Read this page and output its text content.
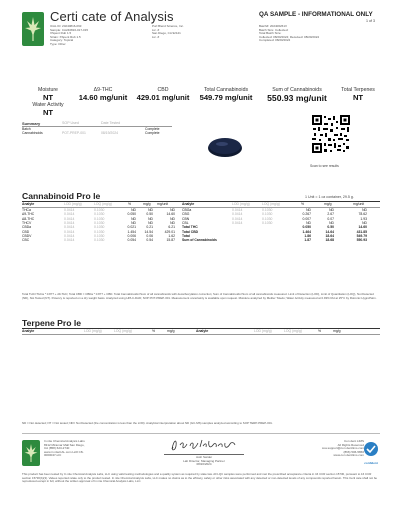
Certi cate of Analysis
ICAL ID: 20240816-093
Sample: CA240816-017-015
XSpent Rub 1.5
Strain: XSpent Rub 1.5
Category: Topical
Type: Other
Purl Blend Science, Inc.
Lic. #
San Diego, CA 92121
Lic. #
QA SAMPLE - INFORMATIONAL ONLY
1 of 3
Batch#: 202406261V
Batch Size: Collected:
Total Batch Size:
Collected: 08/20/2024; Received: 08/20/2024
Completed: 08/20/2024
Moisture
NT
Water Activity
NT
Δ9-THC
14.60 mg/unit
CBD
429.01 mg/unit
Total Cannabinoids
549.79 mg/unit
Sum of Cannabinoids
550.93 mg/unit
Total Terpenes
NT
Summary	SOP Used	Date Tested
Batch	Complete
Cannabinoids	POT-PREP-001	08/19/2024	Complete
Scan to see results
Cannabinoid Pro le	1 Unit = 1 oz container, 29.5 g.
Analyte	LOD (mg/g)	LOQ (mg/g)	%	mg/g mg/unit	Analyte	LOD (mg/g)	LOQ (mg/g)	%	mg/g	mg/unit
THCa	0.0414	0.1030	ND	ND	ND
Δ9-THC	0.0414	0.1030	0.050	0.50	14.60
Δ8-THC	0.0414	0.1030	ND	ND	ND
THCV	0.0414	0.1030	ND	ND	ND
CBDa	0.0414	0.1030	0.021	0.21	6.21
CBD	0.0414	0.1030	1.454	14.54	429.01
CBDV	0.0414	0.1030	0.006	0.06	1.62
CBC	0.0414	0.1030	0.054	0.54	15.87
CBGa	0.0414	0.1030	ND	ND	ND
CBG	0.0414	0.1030	0.267	2.67	78.62
CBN	0.0414	0.1030	0.007	0.07	1.93
CBL	0.0414	0.1030	ND	ND	ND
Total THC	0.050	0.50	14.60
Total CBD	1.464	14.64	431.85
Total	1.86	18.64	549.79
Sum of Cannabinoids	1.87	18.68	550.93
Total THC=THCa * 0.877 + d9-THC; Total CBD = CBDa * 0.877 + CBD. Total Cannabinoids=Sum of all cannabinoids with decarboxylation correction; Sum of Cannabinoids=Sum of all cannabinoids measured. Limit of Detection (LOD), Limit of Quantitation (LOQ), Not Detected (ND), Not Tested (NT). Potency is reported on a dry weight basis. Analyzed using HPLC-DAD; SOP POT-PREP-001. Measurement uncertainty is available upon request. Moisture analyzed by Mettler Toledo; Water Activity measured at 0.93% RH at 25°C by Rotronic HygroPalm.
Terpene Pro le
Analyte	LOD (mg/g)	LOQ (mg/g)	%	mg/g	Analyte	LOD (mg/g)	LOQ (mg/g)	%	mg/g
ND = Not detected; NT = Not tested; ND= Not Detected (the concentration is less than the LOD). Analytical interpretation about ND (GC-MS) samples analyzed according to SOP TERP-PREP-001.
In nite Chemical Analysis Labs
8312 Miramar Mall San Diego,
CA (858) 623-2740
www.in niteCAL.com Lic# C8-
0000047-LIC	Josh Swider
Lab Director, Managing Partner
08/20/2024
Con dent LIMS
All Rights Reserved
coa.support@con dentlims.com
(866) 506-5866
www.con dentlims.com
confident
This product has been tested by In nite Chemical Analysis Labs, LLC using valid testing methodologies and a quality system as required by state law. All LQC samples were performed and met the prescribed acceptance criteria in 16 CCR section 15730, pursuant to 16 CCR section 15730(b)(3). Values reported relate only to the product tested. In nite Chemical Analysis Labs, LLC makes no claims as to the efficacy, safety or other risks associated with any detected or non-detected levels of any compounds reported herein. This Certi cate shall not be reproduced except in full, without the written approval of In nite Chemical Analysis Labs, LLC.
